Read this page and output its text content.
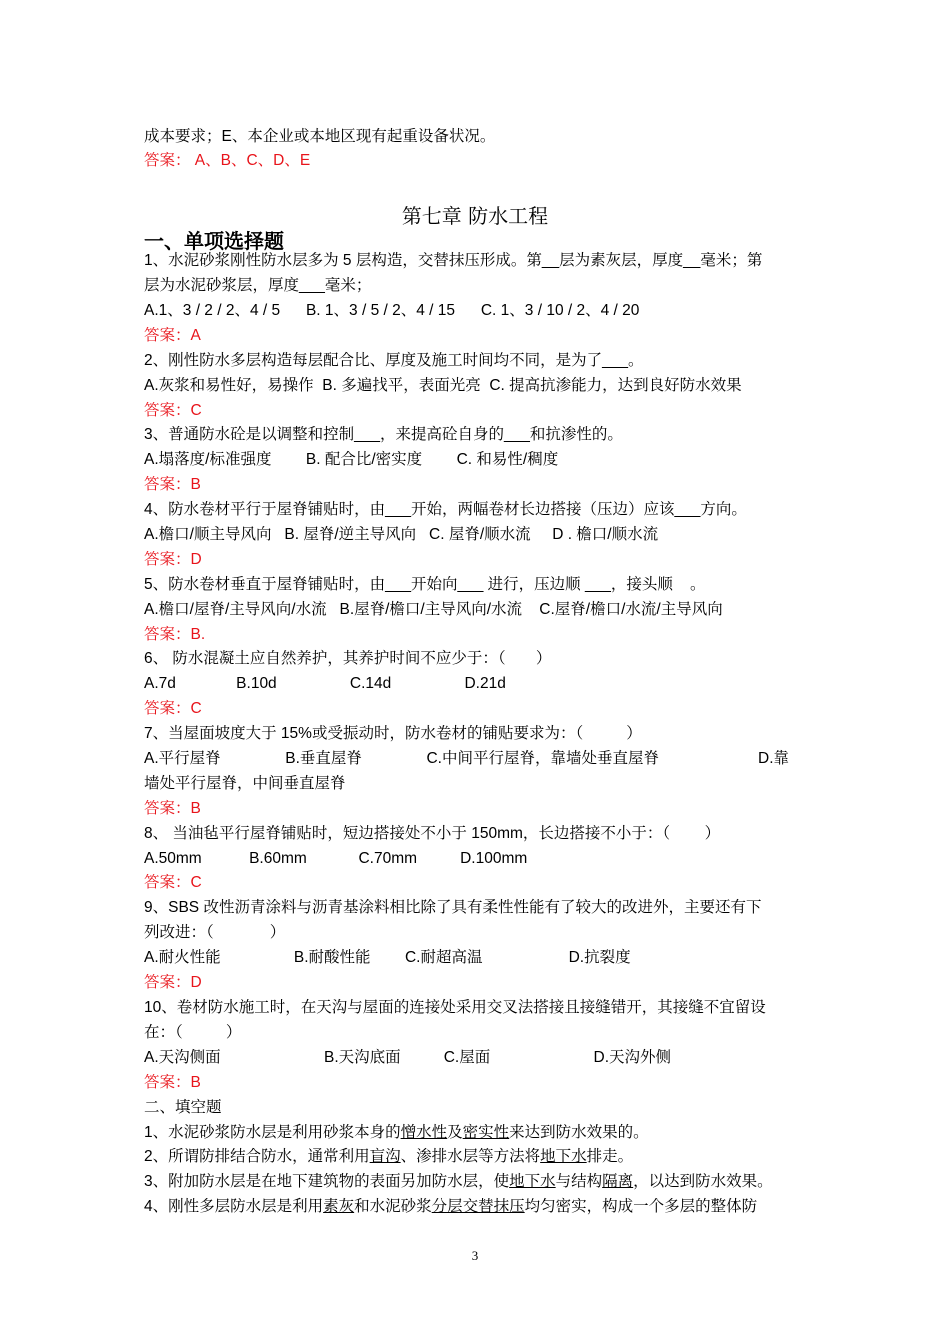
第七章 防水工程
一、单项选择题
3
成本要求；E、本企业或本地区现有起重设备状况。
答案： A、B、C、D、E
1、水泥砂浆刚性防水层多为 5 层构造，交替抹压形成。第__层为素灰层，厚度__毫米；第
层为水泥砂浆层，厚度___毫米；
A.1、3 / 2 / 2、4 / 5      B. 1、3 / 5 / 2、4 / 15      C. 1、3 / 10 / 2、4 / 20
答案：A
2、刚性防水多层构造每层配合比、厚度及施工时间均不同，是为了___。
A.灰浆和易性好，易操作  B. 多遍找平，表面光亮  C. 提高抗渗能力，达到良好防水效果
答案：C
3、普通防水砼是以调整和控制___，来提高砼自身的___和抗渗性的。
A.塌落度/标准强度        B. 配合比/密实度        C. 和易性/稠度
答案：B
4、防水卷材平行于屋脊铺贴时，由___开始，两幅卷材长边搭接（压边）应该___方向。
A.檐口/顺主导风向   B. 屋脊/逆主导风向   C. 屋脊/顺水流     D . 檐口/顺水流
答案：D
5、防水卷材垂直于屋脊铺贴时，由___开始向___ 进行，压边顺 ___，接头顺    。
A.檐口/屋脊/主导风向/水流   B.屋脊/檐口/主导风向/水流    C.屋脊/檐口/水流/主导风向
答案：B.
6、 防水混凝土应自然养护，其养护时间不应少于：（       ）
A.7d              B.10d                 C.14d                 D.21d
答案：C
7、当屋面坡度大于 15%或受振动时，防水卷材的铺贴要求为：（          ）
A.平行屋脊               B.垂直屋脊               C.中间平行屋脊，靠墙处垂直屋脊                       D.靠
墙处平行屋脊，中间垂直屋脊
答案：B
8、 当油毡平行屋脊铺贴时，短边搭接处不小于 150mm，长边搭接不小于：（        ）
A.50mm           B.60mm            C.70mm          D.100mm
答案：C
9、SBS 改性沥青涂料与沥青基涂料相比除了具有柔性性能有了较大的改进外，主要还有下
列改进：（             ）
A.耐火性能                 B.耐酸性能        C.耐超高温                    D.抗裂度
答案：D
10、卷材防水施工时，在天沟与屋面的连接处采用交叉法搭接且接缝错开，其接缝不宜留设
在：（          ）
A.天沟侧面                        B.天沟底面          C.屋面                        D.天沟外侧
答案：B
二、填空题
1、水泥砂浆防水层是利用砂浆本身的憎水性及密实性来达到防水效果的。
2、所谓防排结合防水，通常利用盲沟、渗排水层等方法将地下水排走。
3、附加防水层是在地下建筑物的表面另加防水层，使地下水与结构隔离，以达到防水效果。
4、刚性多层防水层是利用素灰和水泥砂浆分层交替抹压均匀密实，构成一个多层的整体防
